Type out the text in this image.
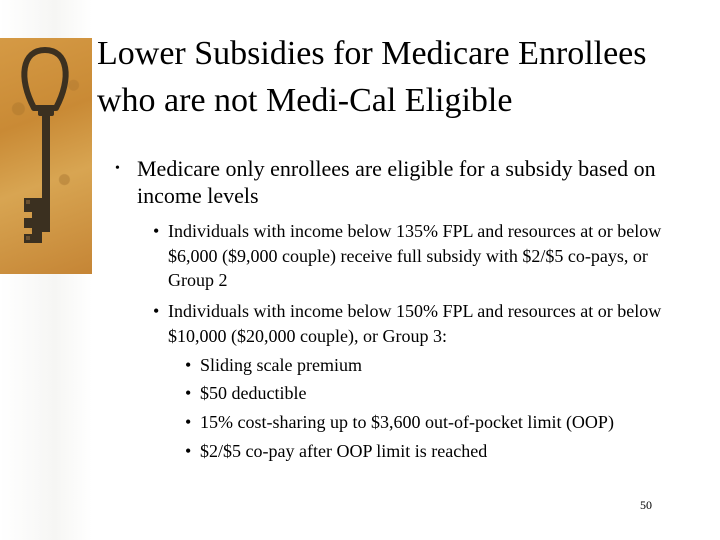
Lower Subsidies for Medicare Enrollees who are not Medi-Cal Eligible
• Medicare only enrollees are eligible for a subsidy based on income levels
• Individuals with income below 135% FPL and resources at or below $6,000 ($9,000 couple) receive full subsidy with $2/$5 co-pays, or Group 2
• Individuals with income below 150% FPL and resources at or below $10,000 ($20,000 couple), or Group 3:
• Sliding scale premium
• $50 deductible
• 15% cost-sharing up to $3,600 out-of-pocket limit (OOP)
• $2/$5 co-pay after OOP limit is reached
50
